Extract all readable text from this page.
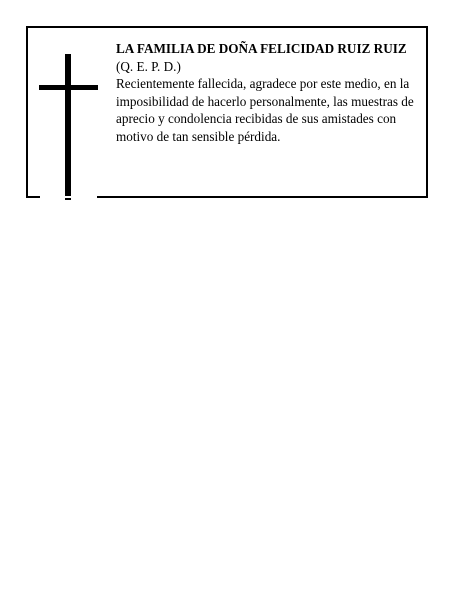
LA FAMILIA DE DOÑA FELICIDAD RUIZ RUIZ
(Q. E. P. D.)
Recientemente fallecida, agradece por este medio, en la imposibilidad de hacerlo personalmente, las muestras de aprecio y condolencia recibidas de sus amistades con motivo de tan sensible pérdida.
